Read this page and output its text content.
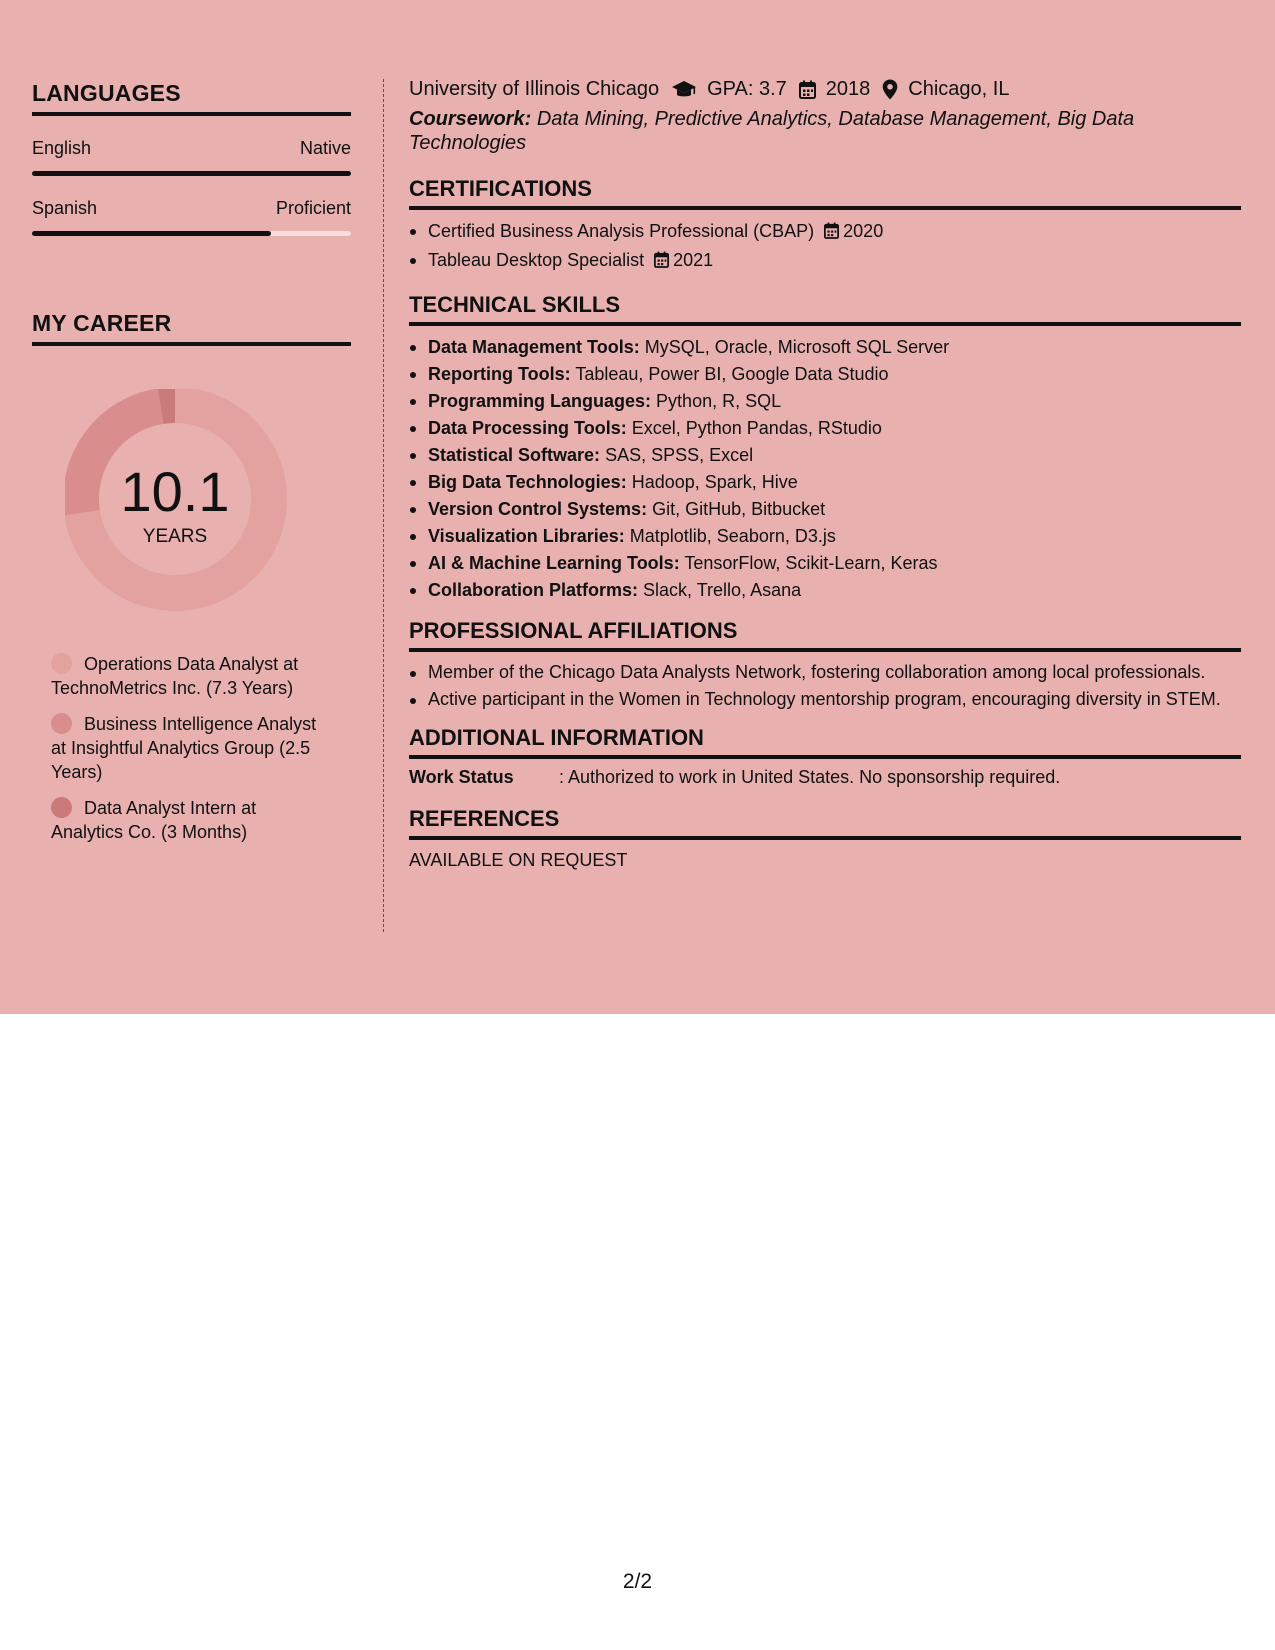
LANGUAGES
English	Native
Spanish	Proficient
MY CAREER
10.1
YEARS
Operations Data Analyst at TechnoMetrics Inc. (7.3 Years)
Business Intelligence Analyst at Insightful Analytics Group (2.5 Years)
Data Analyst Intern at Analytics Co. (3 Months)
University of Illinois Chicago GPA: 3.7 2018 Chicago, IL
Coursework: Data Mining, Predictive Analytics, Database Management, Big Data Technologies
CERTIFICATIONS
Certified Business Analysis Professional (CBAP) 2020
Tableau Desktop Specialist 2021
TECHNICAL SKILLS
Data Management Tools: MySQL, Oracle, Microsoft SQL Server
Reporting Tools: Tableau, Power BI, Google Data Studio
Programming Languages: Python, R, SQL
Data Processing Tools: Excel, Python Pandas, RStudio
Statistical Software: SAS, SPSS, Excel
Big Data Technologies: Hadoop, Spark, Hive
Version Control Systems: Git, GitHub, Bitbucket
Visualization Libraries: Matplotlib, Seaborn, D3.js
AI & Machine Learning Tools: TensorFlow, Scikit-Learn, Keras
Collaboration Platforms: Slack, Trello, Asana
PROFESSIONAL AFFILIATIONS
Member of the Chicago Data Analysts Network, fostering collaboration among local professionals.
Active participant in the Women in Technology mentorship program, encouraging diversity in STEM.
ADDITIONAL INFORMATION
Work Status	: Authorized to work in United States. No sponsorship required.
REFERENCES
AVAILABLE ON REQUEST
2/2
